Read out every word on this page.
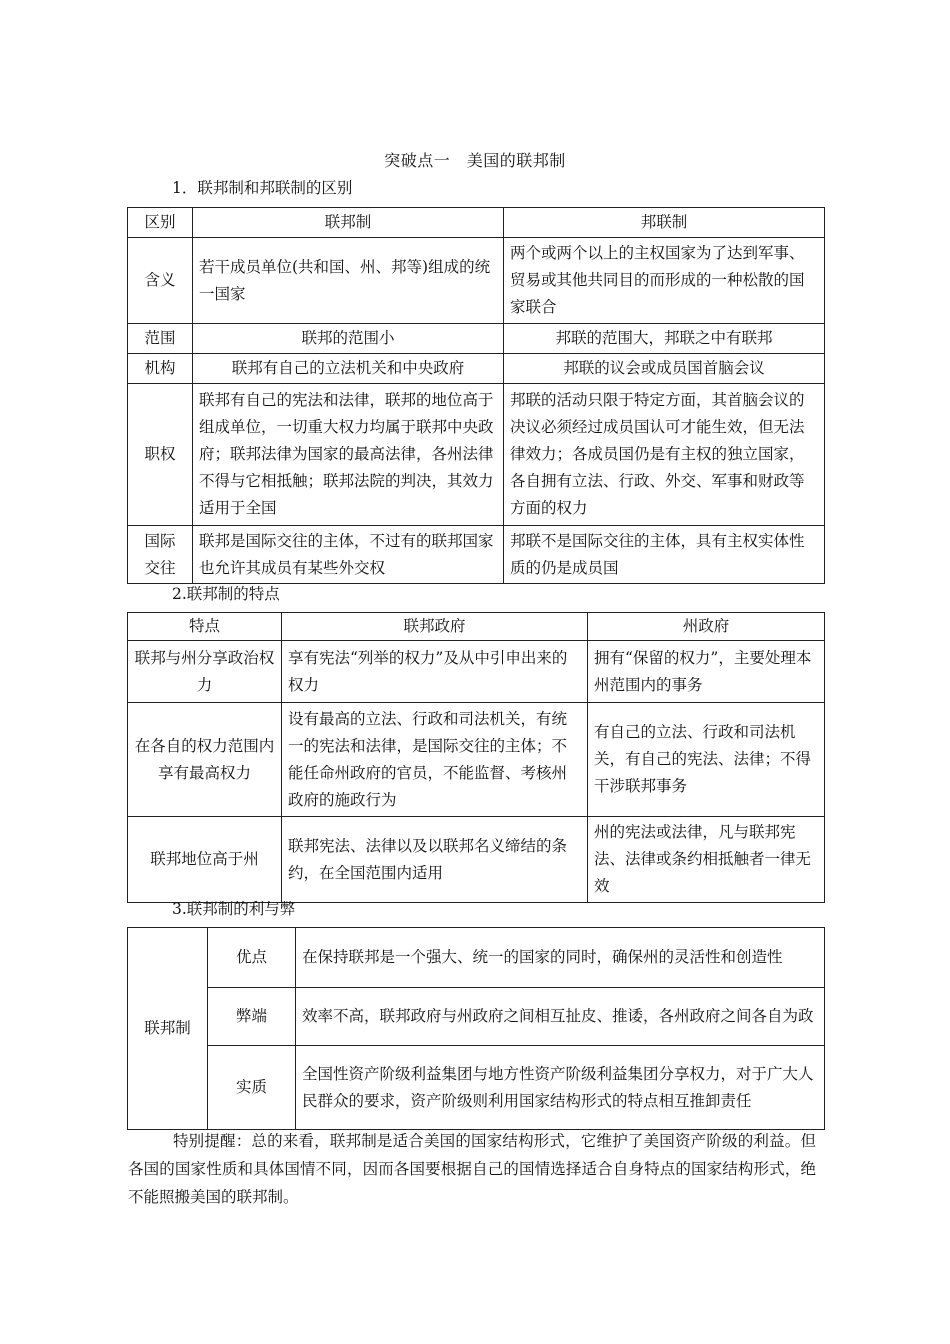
突破点一　美国的联邦制
1．联邦制和邦联制的区别
区别	联邦制	邦联制
含义	若干成员单位(共和国、州、邦等)组成的统一国家	两个或两个以上的主权国家为了达到军事、贸易或其他共同目的而形成的一种松散的国家联合
范围	联邦的范围小	邦联的范围大，邦联之中有联邦
机构	联邦有自己的立法机关和中央政府	邦联的议会或成员国首脑会议
职权	联邦有自己的宪法和法律，联邦的地位高于组成单位，一切重大权力均属于联邦中央政府；联邦法律为国家的最高法律，各州法律不得与它相抵触；联邦法院的判决，其效力适用于全国	邦联的活动只限于特定方面，其首脑会议的决议必须经过成员国认可才能生效，但无法律效力；各成员国仍是有主权的独立国家，各自拥有立法、行政、外交、军事和财政等方面的权力
国际交往	联邦是国际交往的主体，不过有的联邦国家也允许其成员有某些外交权	邦联不是国际交往的主体，具有主权实体性质的仍是成员国
2.联邦制的特点
特点	联邦政府	州政府
联邦与州分享政治权力	享有宪法“列举的权力”及从中引申出来的权力	拥有“保留的权力”，主要处理本州范围内的事务
在各自的权力范围内享有最高权力	设有最高的立法、行政和司法机关，有统一的宪法和法律，是国际交往的主体；不能任命州政府的官员，不能监督、考核州政府的施政行为	有自己的立法、行政和司法机关，有自己的宪法、法律；不得干涉联邦事务
联邦地位高于州	联邦宪法、法律以及以联邦名义缔结的条约，在全国范围内适用	州的宪法或法律，凡与联邦宪法、法律或条约相抵触者一律无效
3.联邦制的利与弊
联邦制	优点	在保持联邦是一个强大、统一的国家的同时，确保州的灵活性和创造性
	弊端	效率不高，联邦政府与州政府之间相互扯皮、推诿，各州政府之间各自为政
	实质	全国性资产阶级利益集团与地方性资产阶级利益集团分享权力，对于广大人民群众的要求，资产阶级则利用国家结构形式的特点相互推卸责任
特别提醒：总的来看，联邦制是适合美国的国家结构形式，它维护了美国资产阶级的利益。但各国的国家性质和具体国情不同，因而各国要根据自己的国情选择适合自身特点的国家结构形式，绝不能照搬美国的联邦制。
